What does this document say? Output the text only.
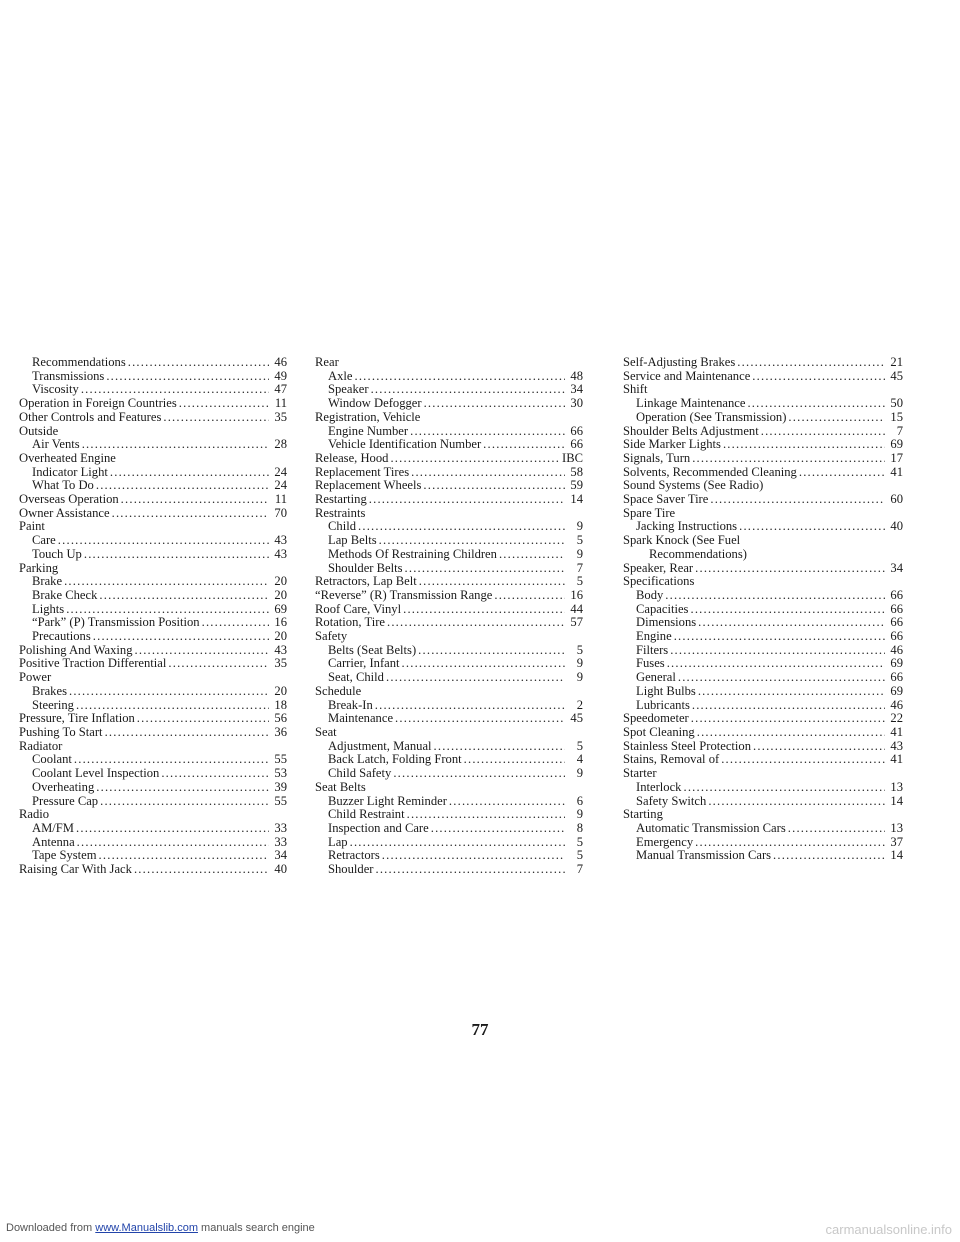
Recommendations .....	46
Transmissions .....	49
Viscosity .....	47
Operation in Foreign Countries .....	11
Other Controls and Features .....	35
Outside
Air Vents .....	28
Overheated Engine
Indicator Light .....	24
What To Do .....	24
Overseas Operation .....	11
Owner Assistance .....	70
Paint
Care .....	43
Touch Up .....	43
Parking
Brake .....	20
Brake Check .....	20
Lights .....	69
“Park” (P) Transmission Position .....	16
Precautions .....	20
Polishing And Waxing .....	43
Positive Traction Differential .....	35
Power
Brakes .....	20
Steering .....	18
Pressure, Tire Inflation .....	56
Pushing To Start .....	36
Radiator
Coolant .....	55
Coolant Level Inspection .....	53
Overheating .....	39
Pressure Cap .....	55
Radio
AM/FM .....	33
Antenna .....	33
Tape System .....	34
Raising Car With Jack .....	40
Rear
Axle .....	48
Speaker .....	34
Window Defogger .....	30
Registration, Vehicle
Engine Number .....	66
Vehicle Identification Number .....	66
Release, Hood .....	IBC
Replacement Tires .....	58
Replacement Wheels .....	59
Restarting .....	14
Restraints
Child .....	9
Lap Belts .....	5
Methods Of Restraining Children .....	9
Shoulder Belts .....	7
Retractors, Lap Belt .....	5
“Reverse” (R) Transmission Range .....	16
Roof Care, Vinyl .....	44
Rotation, Tire .....	57
Safety
Belts (Seat Belts) .....	5
Carrier, Infant .....	9
Seat, Child .....	9
Schedule
Break-In .....	2
Maintenance .....	45
Seat
Adjustment, Manual .....	5
Back Latch, Folding Front .....	4
Child Safety .....	9
Seat Belts
Buzzer Light Reminder .....	6
Child Restraint .....	9
Inspection and Care .....	8
Lap .....	5
Retractors .....	5
Shoulder .....	7
Self-Adjusting Brakes .....	21
Service and Maintenance .....	45
Shift
Linkage Maintenance .....	50
Operation (See Transmission) .....	15
Shoulder Belts Adjustment .....	7
Side Marker Lights .....	69
Signals, Turn .....	17
Solvents, Recommended Cleaning .....	41
Sound Systems (See Radio)
Space Saver Tire .....	60
Spare Tire
Jacking Instructions .....	40
Spark Knock (See Fuel
Recommendations)
Speaker, Rear .....	34
Specifications
Body .....	66
Capacities .....	66
Dimensions .....	66
Engine .....	66
Filters .....	46
Fuses .....	69
General .....	66
Light Bulbs .....	69
Lubricants .....	46
Speedometer .....	22
Spot Cleaning .....	41
Stainless Steel Protection .....	43
Stains, Removal of .....	41
Starter
Interlock .....	13
Safety Switch .....	14
Starting
Automatic Transmission Cars .....	13
Emergency .....	37
Manual Transmission Cars .....	14
77
Downloaded from www.Manualslib.com manuals search engine	carmanualsonline.info
